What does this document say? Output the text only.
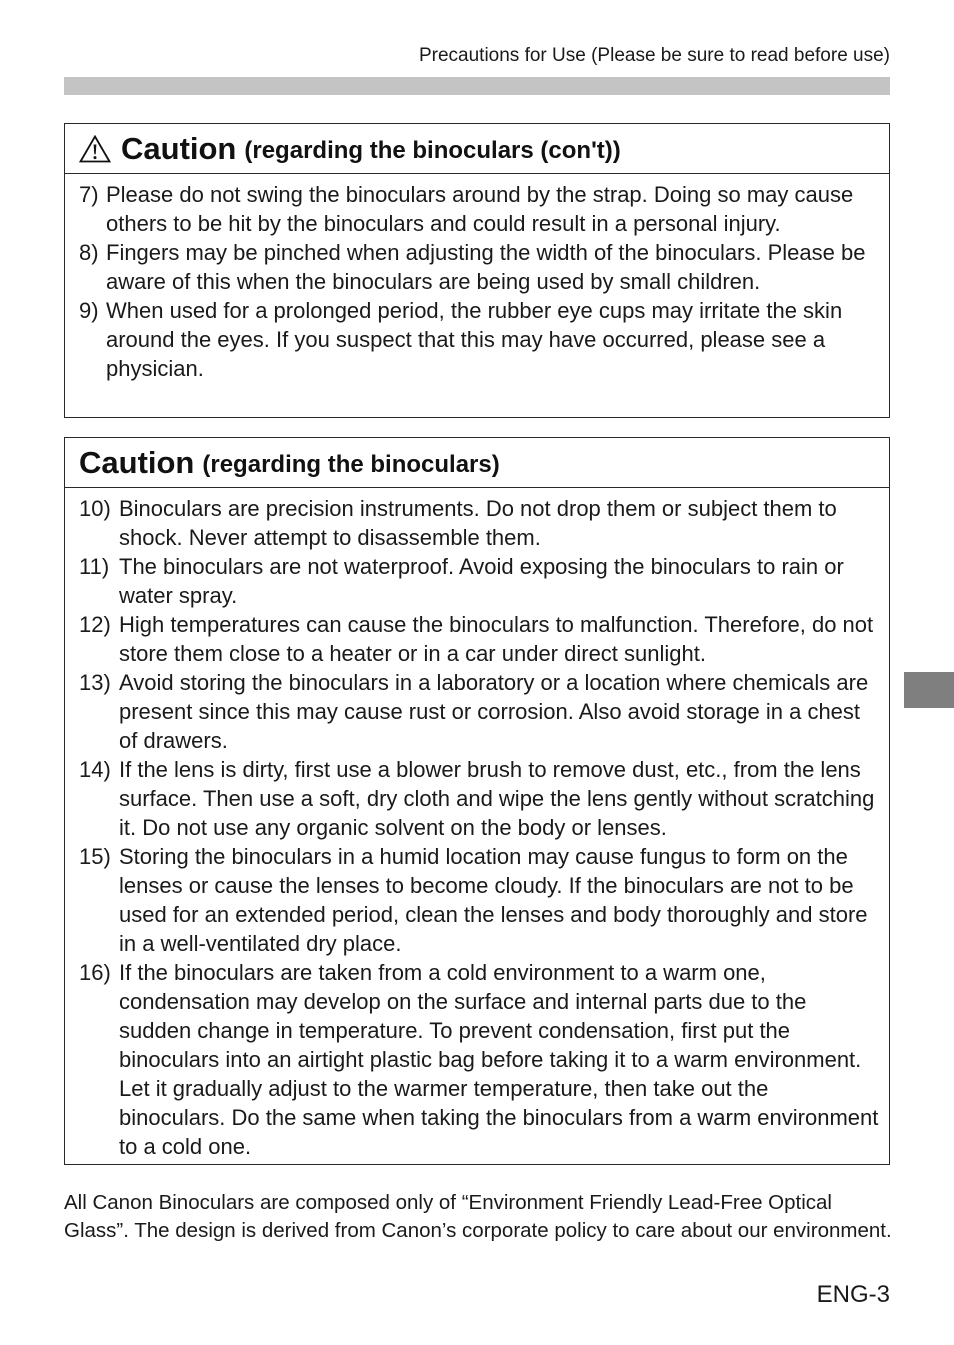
Precautions for Use (Please be sure to read before use)
Caution (regarding the binoculars (con't))
7) Please do not swing the binoculars around by the strap. Doing so may cause others to be hit by the binoculars and could result in a personal injury.
8) Fingers may be pinched when adjusting the width of the binoculars. Please be aware of this when the binoculars are being used by small children.
9) When used for a prolonged period, the rubber eye cups may irritate the skin around the eyes. If you suspect that this may have occurred, please see a physician.
Caution (regarding the binoculars)
10) Binoculars are precision instruments. Do not drop them or subject them to shock. Never attempt to disassemble them.
11) The binoculars are not waterproof. Avoid exposing the binoculars to rain or water spray.
12) High temperatures can cause the binoculars to malfunction. Therefore, do not store them close to a heater or in a car under direct sunlight.
13) Avoid storing the binoculars in a laboratory or a location where chemicals are present since this may cause rust or corrosion. Also avoid storage in a chest of drawers.
14) If the lens is dirty, first use a blower brush to remove dust, etc., from the lens surface. Then use a soft, dry cloth and wipe the lens gently without scratching it. Do not use any organic solvent on the body or lenses.
15) Storing the binoculars in a humid location may cause fungus to form on the lenses or cause the lenses to become cloudy. If the binoculars are not to be used for an extended period, clean the lenses and body thoroughly and store in a well-ventilated dry place.
16) If the binoculars are taken from a cold environment to a warm one, condensation may develop on the surface and internal parts due to the sudden change in temperature. To prevent condensation, first put the binoculars into an airtight plastic bag before taking it to a warm environment. Let it gradually adjust to the warmer temperature, then take out the binoculars. Do the same when taking the binoculars from a warm environment to a cold one.

All Canon Binoculars are composed only of “Environment Friendly Lead-Free Optical Glass”. The design is derived from Canon’s corporate policy to care about our environment.

ENG-3
